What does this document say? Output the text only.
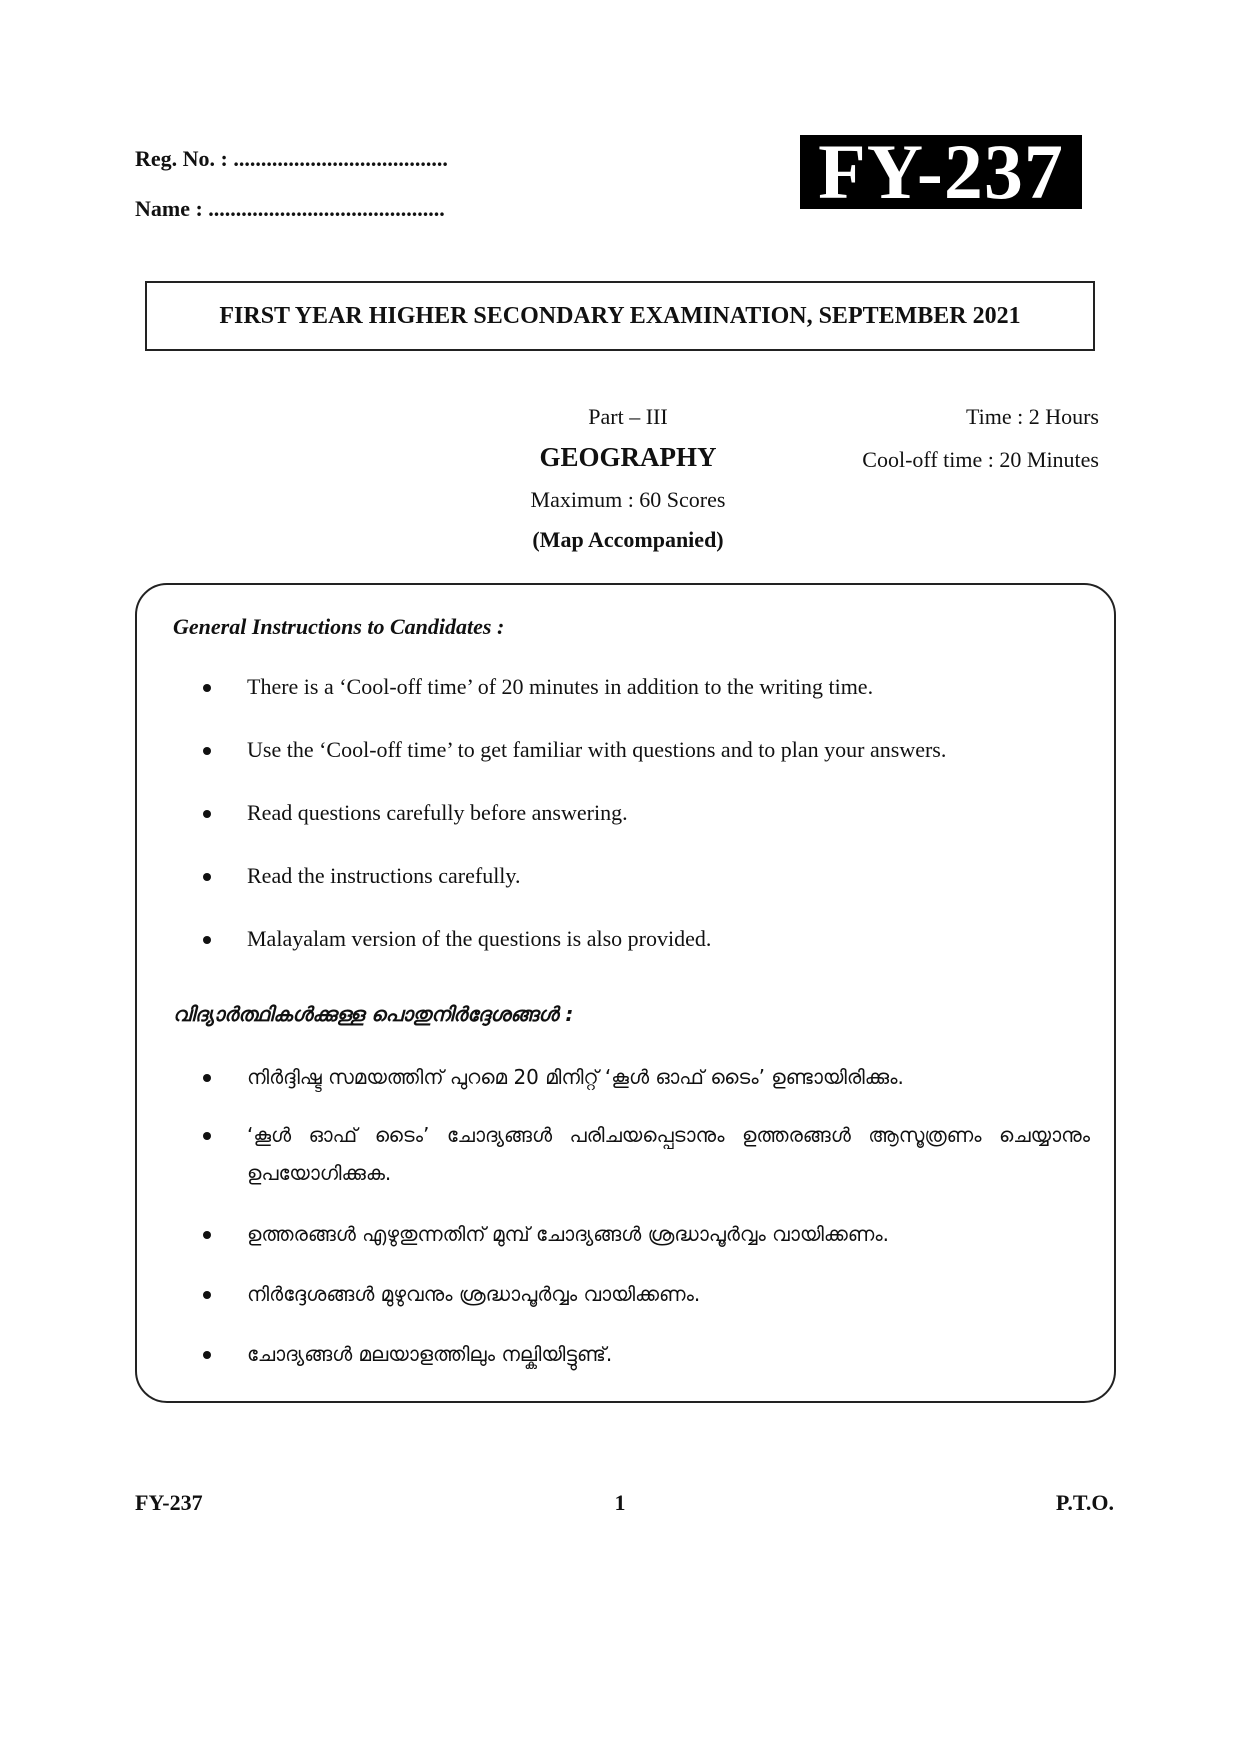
Reg. No. : .......................................
Name : ...........................................	FY-237
FIRST YEAR HIGHER SECONDARY EXAMINATION, SEPTEMBER 2021
Part – III
GEOGRAPHY
Maximum : 60 Scores
(Map Accompanied)
Time : 2 Hours
Cool-off time : 20 Minutes
General Instructions to Candidates :
There is a ‘Cool-off time’ of 20 minutes in addition to the writing time.
Use the ‘Cool-off time’ to get familiar with questions and to plan your answers.
Read questions carefully before answering.
Read the instructions carefully.
Malayalam version of the questions is also provided.
വിദ്യാർത്ഥികൾക്കുള്ള പൊതുനിർദ്ദേശങ്ങൾ :
നിർദ്ദിഷ്ട സമയത്തിന് പുറമെ 20 മിനിറ്റ് ‘കൂൾ ഓഫ് ടൈം’ ഉണ്ടായിരിക്കും.
‘കൂൾ ഓഫ് ടൈം’ ചോദ്യങ്ങൾ പരിചയപ്പെടാനും ഉത്തരങ്ങൾ ആസൂത്രണം ചെയ്യാനും ഉപയോഗിക്കുക.
ഉത്തരങ്ങൾ എഴുതുന്നതിന് മുമ്പ് ചോദ്യങ്ങൾ ശ്രദ്ധാപൂർവ്വം വായിക്കണം.
നിർദ്ദേശങ്ങൾ മുഴുവനും ശ്രദ്ധാപൂർവ്വം വായിക്കണം.
ചോദ്യങ്ങൾ മലയാളത്തിലും നല്കിയിട്ടുണ്ട്.
FY-237	1	P.T.O.
